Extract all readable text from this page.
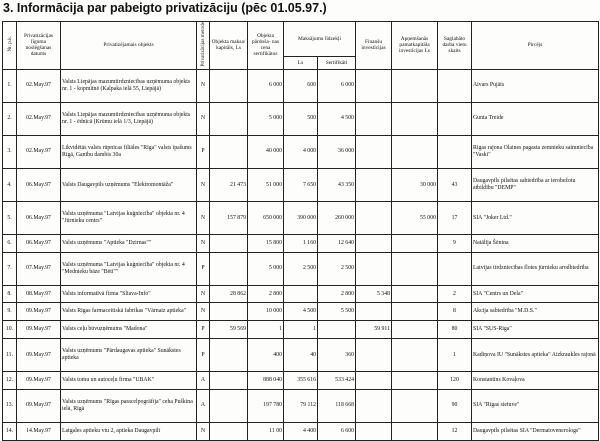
3. Informācija par pabeigto privatizāciju (pēc 01.05.97.)
Nr. p.k.	Privatizācijas līguma noslēgšanas datums	Privatizējamais objekts	Privatizācijas metode	Objekta maksa/ kapitāls, Ls	Objekta pārdoša- nas cena sertifikātos	Maksājumu līdzekļi		Finanšu investīcijas	Apņemšanās pamatkapitāla investīcijas Ls	Saglabāto darba vietu skaits	Pircējs
						Ls	Sertifikāti				
1.	02.May.97	Valsts Liepājas mazumtirdzniecības uzņēmuma objekts nr. 1 - kopmītnē (Kalpaka ielā 55, Liepājā)	N		6 000	600	6 000				Aivars Pujāts
2.	02.May.97	Valsts Liepājas mazumtirdzniecības uzņēmuma objekts nr. 1 - ēdnīcā (Krūmu ielā 1/3, Liepājā)	N		5 000	500	4 500				Gunta Treide
3.	02.May.97	Likvidētās valsts rūpnīcas filiāles "Rīga" valsts īpašums Rīgā, Ganību dambis 30a	P		40 000	4 000	36 000				Rīgas rajona Olaines pagasta zemnieku saimniecība "Vaski"
4.	06.May.97	Valsts Daugavpils uzņēmums "Elektromontāža"	N	21 473	51 000	7 650	43 350		30 000	43	Daugavpils pilsētas sabiedrība ar ierobežotu atbildību "DEMP"
5.	06.May.97	Valsts uzņēmuma "Latvijas kuģniecība" objekta nr. 4 "Jūrnieku centrs"	N	157 879	650 000	390 000	260 000		55 000	17	SIA "Joker Ltd."
6.	06.May.97	Valsts uzņēmums "Aptieka "Dzirnas""	N		15 800	1 160	12 640			9	Natālija Šēnina
7.	07.May.97	Valsts uzņēmuma "Latvijas kuģniecība" objekta nr. 4 "Mednieku bāze "Bēti""	P		5 000	2 500	2 500				Latvijas tirdzniecības flotes jūrnieku arodbiedrība
8.	08.May.97	Valsts informatīvā firma "Sliava-Info"	N	28 862	2 800		2 800	5 348		2	SIA "Centrs un Dela"
9.	09.May.97	Valsts Rīgas farmaceitiskā fabrikas "Vārnaiz aptieka"	N		10 000	4 500	5 500			8	Akcija sabiedrība "M.D.S."
10.	09.May.97	Valsts ceļu būvuzņēmums "Madona"	P	59 569	1	1		59 911		80	SIA "SUS-Rīga"
11.	09.May.97	Valsts uzņēmums "Pārdaugavas aptieka" Sunākstes aptieka	P		400	40	360			1	Kadiņova IU "Sunākstes aptieka" Aizkraukles rajonā
12.	09.May.97	Valsts tomu un autoceļu firma "UBAK"	A		888 040	355 616	533 424			120	Konstantīns Kovaļova
13.	09.May.97	Valsts uzņēmums "Rīgas paracelpogrāfija" ceha Puškina ielā, Rīgā	A		197 780	79 112	118 668			90	SIA "Rīgas sietuve"
14.	14.May.97	Latgales aptieku viu 2, aptieka Daugavpilī	N		11 00	4 400	6 600			12	Daugavpils pilsētas SIA "Dermatovenerologs"
